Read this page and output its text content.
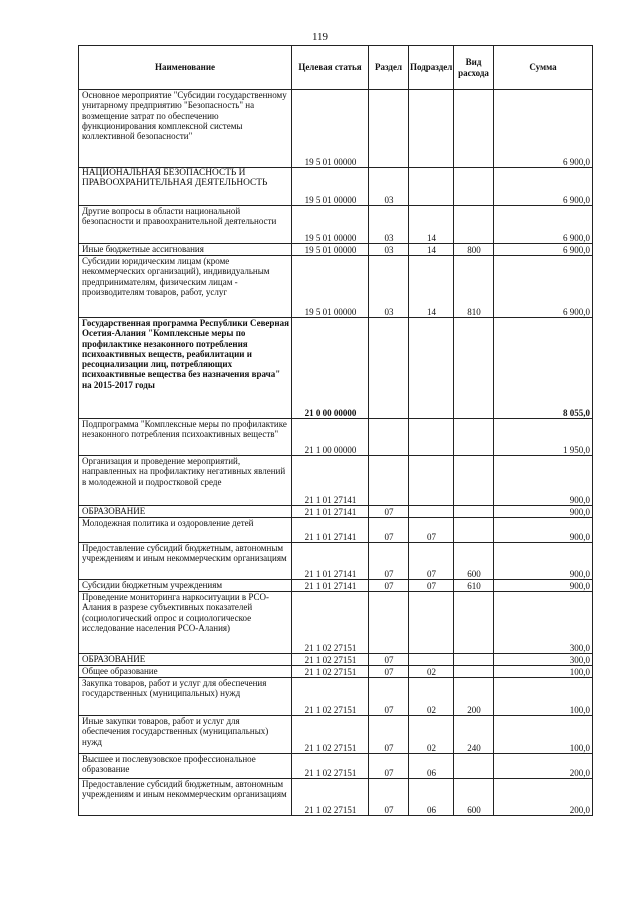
119
Наименование	Целевая статья	Раздел	Подраздел	Вид расхода	Сумма
Основное мероприятие "Субсидии государственному унитарному предприятию "Безопасность" на возмещение затрат по обеспечению функционирования комплексной системы коллективной безопасности"	19 5 01 00000				6 900,0
НАЦИОНАЛЬНАЯ БЕЗОПАСНОСТЬ И ПРАВООХРАНИТЕЛЬНАЯ ДЕЯТЕЛЬНОСТЬ	19 5 01 00000	03			6 900,0
Другие вопросы в области национальной безопасности и правоохранительной деятельности	19 5 01 00000	03	14		6 900,0
Иные бюджетные ассигнования	19 5 01 00000	03	14	800	6 900,0
Субсидии юридическим лицам (кроме некоммерческих организаций), индивидуальным предпринимателям, физическим лицам - производителям товаров, работ, услуг	19 5 01 00000	03	14	810	6 900,0
Государственная программа Республики Северная Осетия-Алания "Комплексные меры по профилактике незаконного потребления психоактивных веществ, реабилитации и ресоциализации лиц, потребляющих психоактивные вещества без назначения врача" на 2015-2017 годы	21 0 00 00000				8 055,0
Подпрограмма "Комплексные меры по профилактике незаконного потребления психоактивных веществ"	21 1 00 00000				1 950,0
Организация и проведение мероприятий, направленных на профилактику негативных явлений в молодежной и подростковой среде	21 1 01 27141				900,0
ОБРАЗОВАНИЕ	21 1 01 27141	07			900,0
Молодежная политика и оздоровление детей	21 1 01 27141	07	07		900,0
Предоставление субсидий бюджетным, автономным учреждениям и иным некоммерческим организациям	21 1 01 27141	07	07	600	900,0
Субсидии бюджетным учреждениям	21 1 01 27141	07	07	610	900,0
Проведение мониторинга наркоситуации в РСО-Алания в разрезе субъективных показателей (социологический опрос и социологическое исследование населения РСО-Алания)	21 1 02 27151				300,0
ОБРАЗОВАНИЕ	21 1 02 27151	07			300,0
Общее образование	21 1 02 27151	07	02		100,0
Закупка товаров, работ и услуг для обеспечения государственных (муниципальных) нужд	21 1 02 27151	07	02	200	100,0
Иные закупки товаров, работ и услуг для обеспечения государственных (муниципальных) нужд	21 1 02 27151	07	02	240	100,0
Высшее и послевузовское профессиональное образование	21 1 02 27151	07	06		200,0
Предоставление субсидий бюджетным, автономным учреждениям и иным некоммерческим организациям	21 1 02 27151	07	06	600	200,0
